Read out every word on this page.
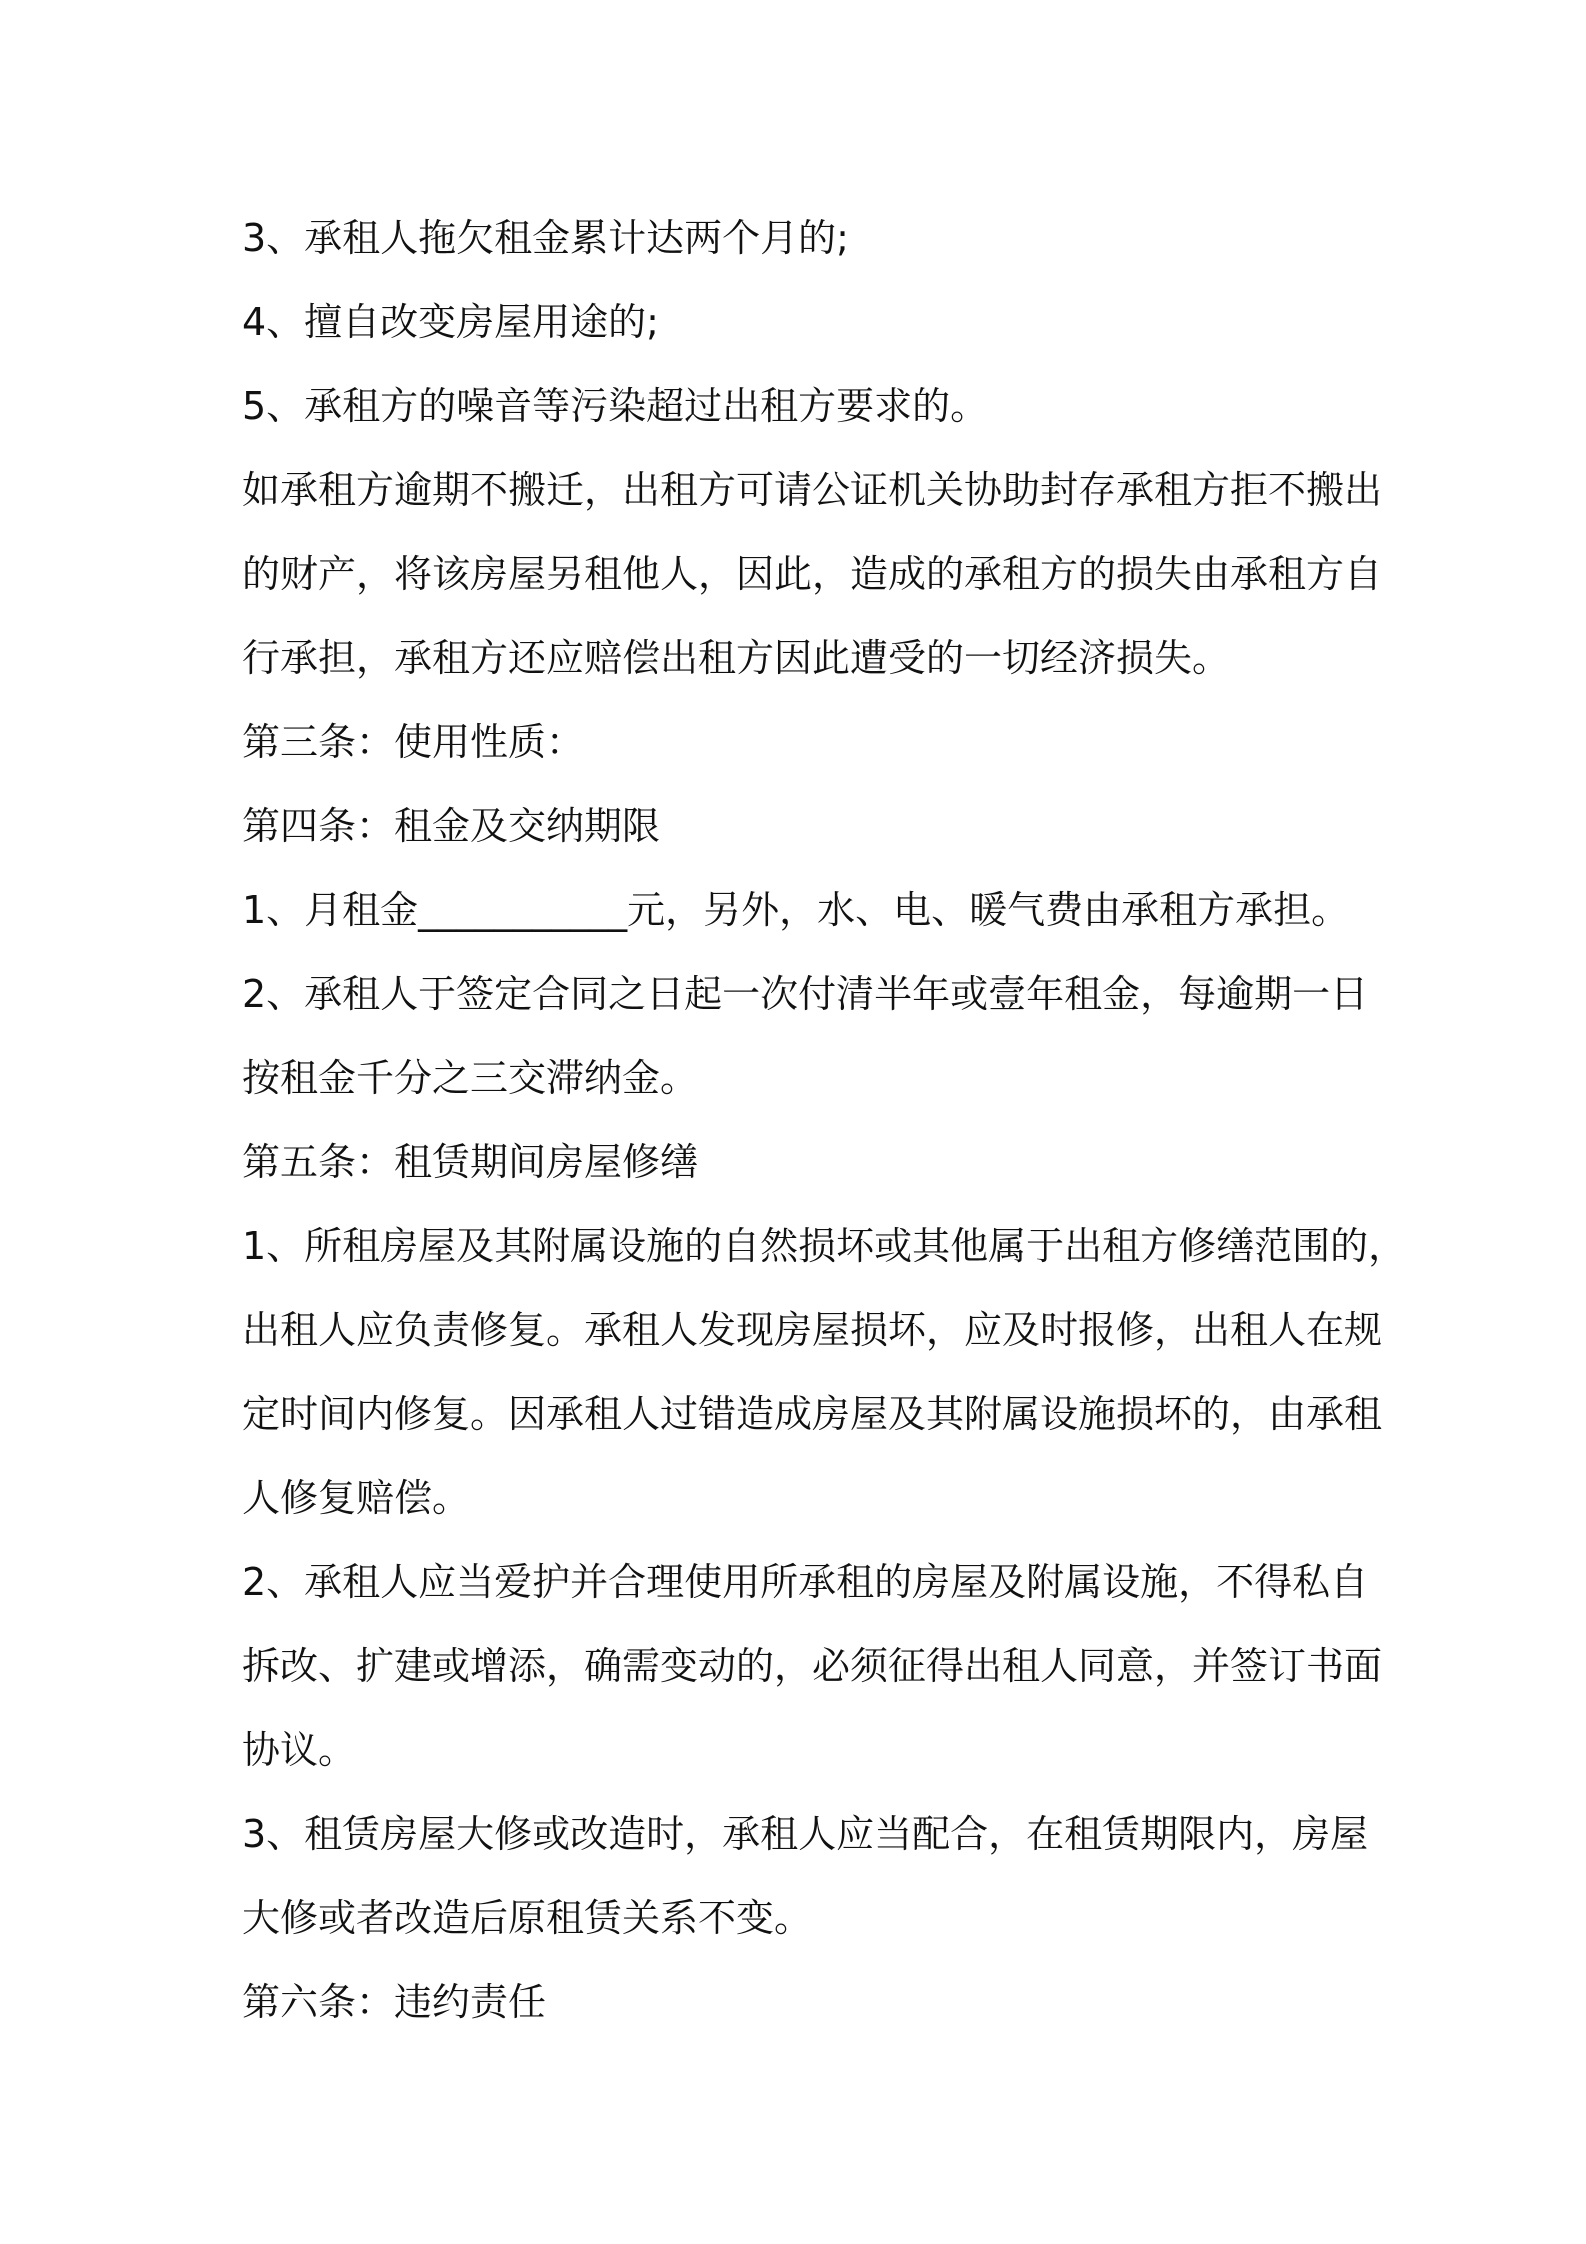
3、承租人拖欠租金累计达两个月的;
4、擅自改变房屋用途的;
5、承租方的噪音等污染超过出租方要求的。
如承租方逾期不搬迁，出租方可请公证机关协助封存承租方拒不搬出
的财产，将该房屋另租他人，因此，造成的承租方的损失由承租方自
行承担，承租方还应赔偿出租方因此遭受的一切经济损失。
第三条：使用性质：
第四条：租金及交纳期限
1、月租金___________元，另外，水、电、暖气费由承租方承担。
2、承租人于签定合同之日起一次付清半年或壹年租金，每逾期一日
按租金千分之三交滞纳金。
第五条：租赁期间房屋修缮
1、所租房屋及其附属设施的自然损坏或其他属于出租方修缮范围的，
出租人应负责修复。承租人发现房屋损坏，应及时报修，出租人在规
定时间内修复。因承租人过错造成房屋及其附属设施损坏的，由承租
人修复赔偿。
2、承租人应当爱护并合理使用所承租的房屋及附属设施，不得私自
拆改、扩建或增添，确需变动的，必须征得出租人同意，并签订书面
协议。
3、租赁房屋大修或改造时，承租人应当配合，在租赁期限内，房屋
大修或者改造后原租赁关系不变。
第六条：违约责任
